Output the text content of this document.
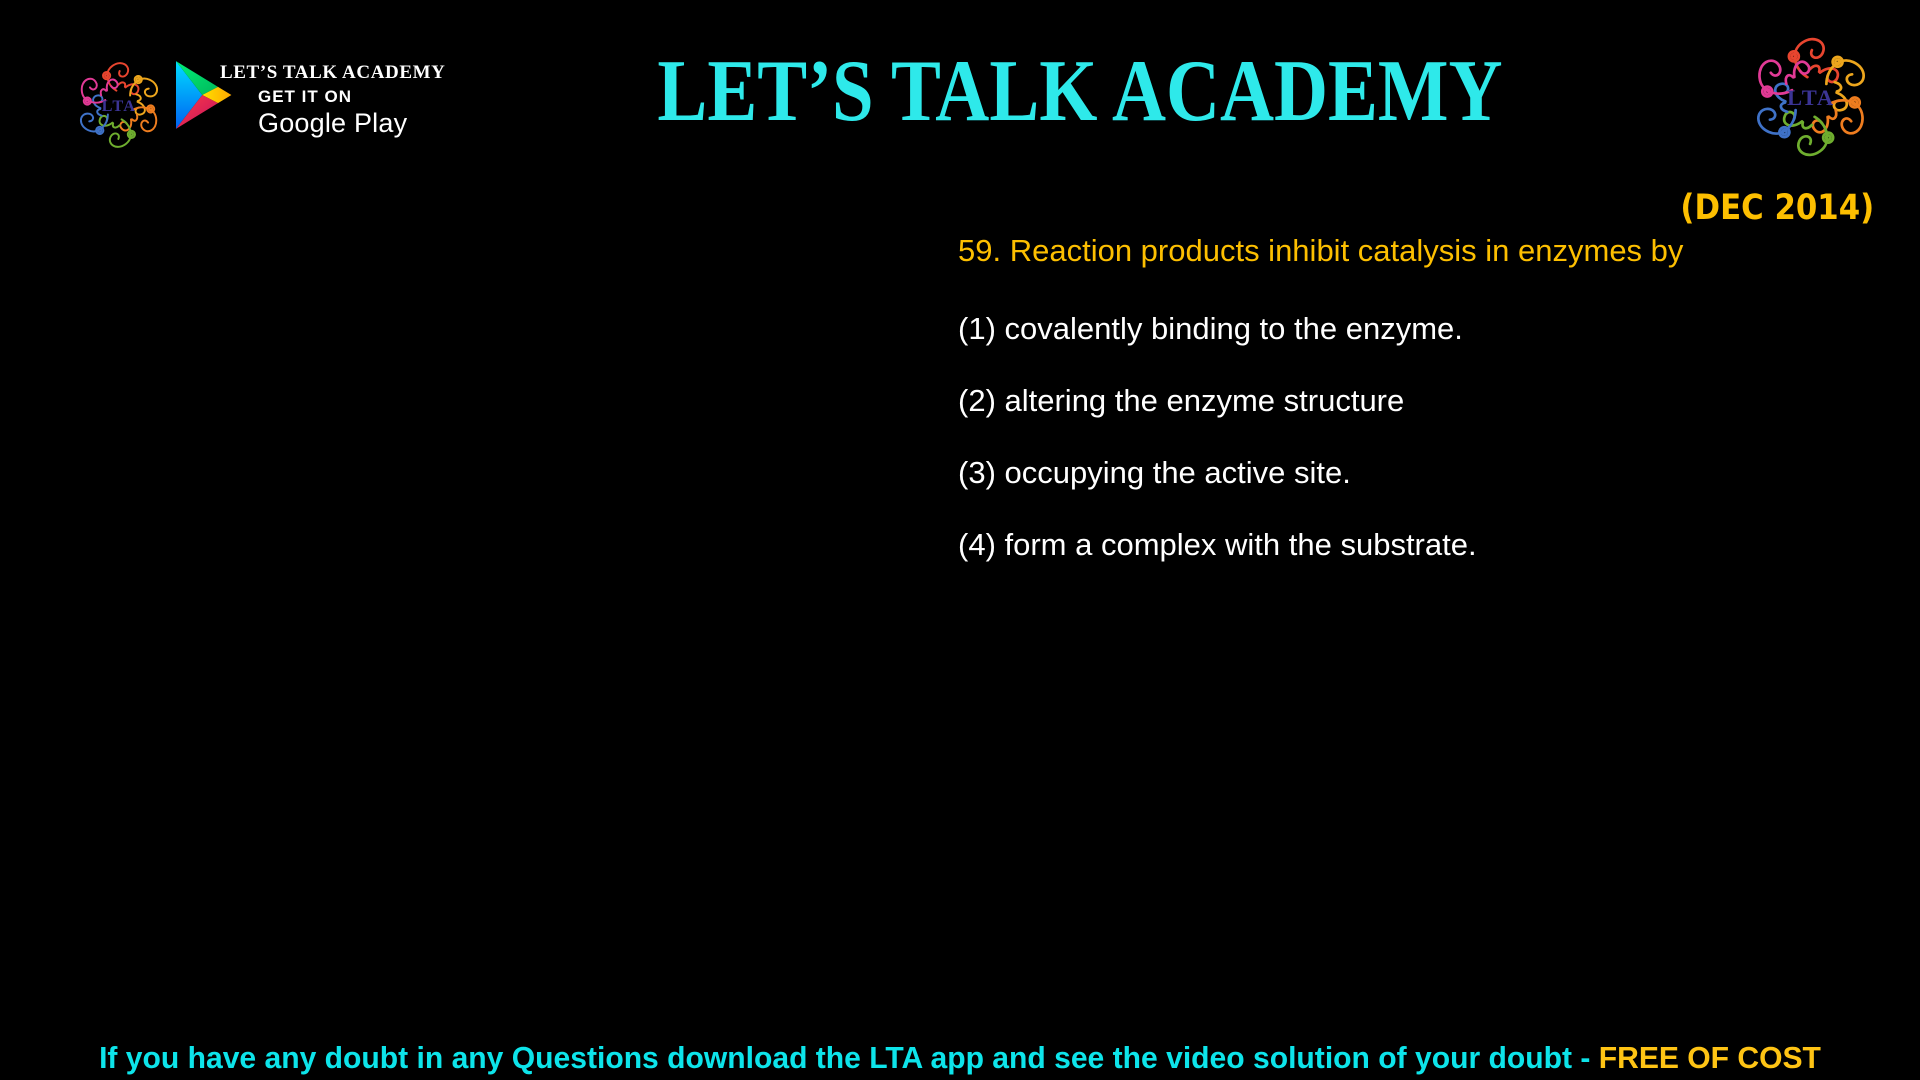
LET’S TALK ACADEMY
GET IT ON
Google Play	LET’S TALK ACADEMY
(DEC 2014)
59. Reaction products inhibit catalysis in enzymes by
(1) covalently binding to the enzyme.
(2) altering the enzyme structure
(3) occupying the active site.
(4) form a complex with the substrate.
If you have any doubt in any Questions download the LTA app and see the video solution of your doubt - FREE OF COST
